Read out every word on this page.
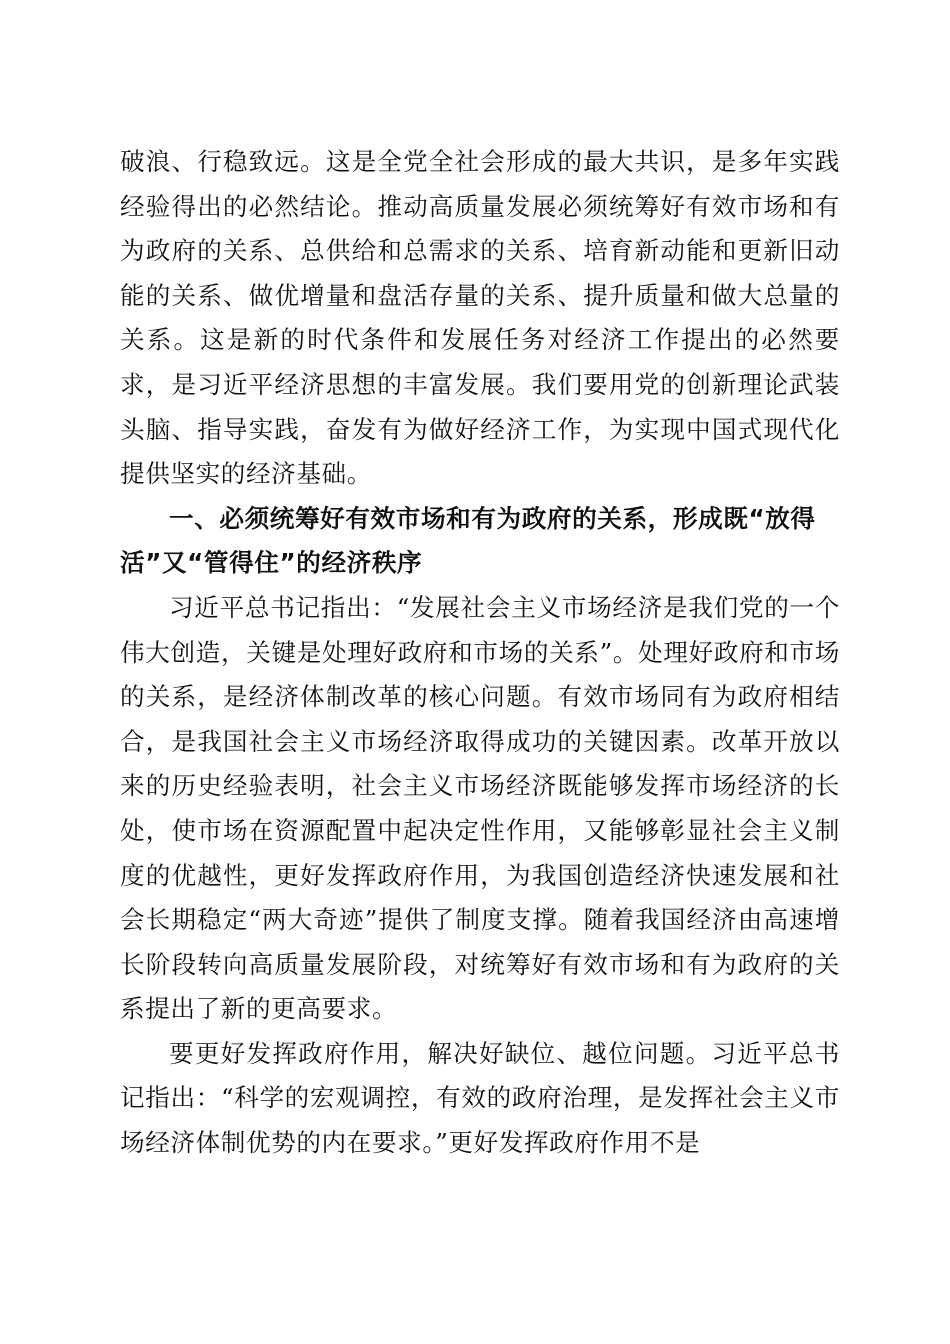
破浪、行稳致远。这是全党全社会形成的最大共识，是多年实践经验得出的必然结论。推动高质量发展必须统筹好有效市场和有为政府的关系、总供给和总需求的关系、培育新动能和更新旧动能的关系、做优增量和盘活存量的关系、提升质量和做大总量的关系。这是新的时代条件和发展任务对经济工作提出的必然要求，是习近平经济思想的丰富发展。我们要用党的创新理论武装头脑、指导实践，奋发有为做好经济工作，为实现中国式现代化提供坚实的经济基础。

一、必须统筹好有效市场和有为政府的关系，形成既“放得活”又“管得住”的经济秩序

习近平总书记指出：“发展社会主义市场经济是我们党的一个伟大创造，关键是处理好政府和市场的关系”。处理好政府和市场的关系，是经济体制改革的核心问题。有效市场同有为政府相结合，是我国社会主义市场经济取得成功的关键因素。改革开放以来的历史经验表明，社会主义市场经济既能够发挥市场经济的长处，使市场在资源配置中起决定性作用，又能够彰显社会主义制度的优越性，更好发挥政府作用，为我国创造经济快速发展和社会长期稳定“两大奇迹”提供了制度支撑。随着我国经济由高速增长阶段转向高质量发展阶段，对统筹好有效市场和有为政府的关系提出了新的更高要求。

要更好发挥政府作用，解决好缺位、越位问题。习近平总书记指出：“科学的宏观调控，有效的政府治理，是发挥社会主义市场经济体制优势的内在要求。”更好发挥政府作用不是
